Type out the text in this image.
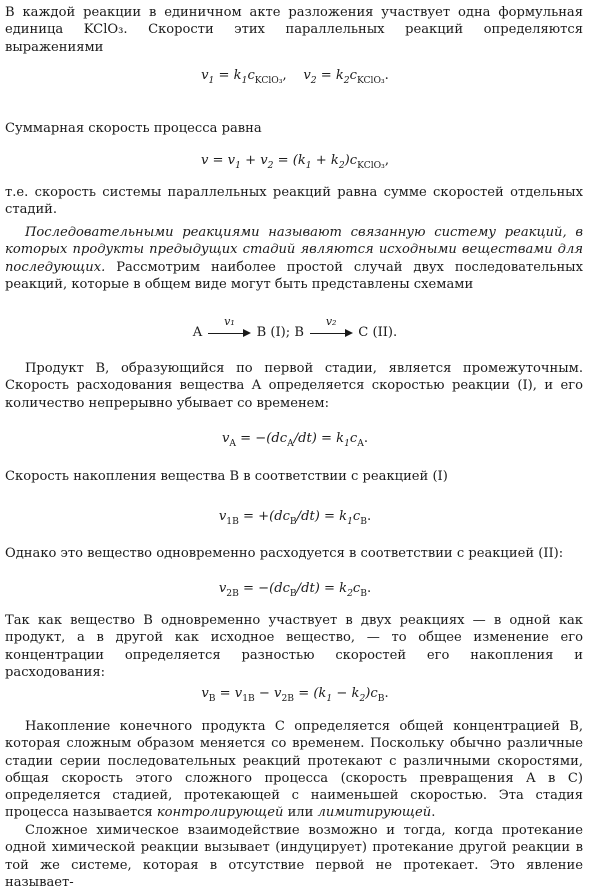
В каждой реакции в единичном акте разложения участвует одна формульная единица KClO₃. Скорости этих параллельных реакций определяются выражениями

$v_1 = k_1c_{KClO_3}$,    $v_2 = k_2c_{KClO_3}$.

Суммарная скорость процесса равна

$v = v_1 + v_2 = (k_1 + k_2)c_{KClO_3}$,

т.е. скорость системы параллельных реакций равна сумме скоростей отдельных стадий.

Последовательными реакциями называют связанную систему реакций, в которых продукты предыдущих стадий являются исходными веществами для последующих. Рассмотрим наиболее простой случай двух последовательных реакций, которые в общем виде могут быть представлены схемами

A
v₁
B (I); B
v₂
C (II).

Продукт B, образующийся по первой стадии, является промежуточным. Скорость расходования вещества A определяется скоростью реакции (I), и его количество непрерывно убывает со временем:

$v_A = -(dc_A/dt) = k_1c_A$.

Скорость накопления вещества B в соответствии с реакцией (I)

$v_{1B} = +(dc_B/dt) = k_1c_B$.

Однако это вещество одновременно расходуется в соответствии с реакцией (II):

$v_{2B} = -(dc_B/dt) = k_2c_B$.

Так как вещество B одновременно участвует в двух реакциях — в одной как продукт, а в другой как исходное вещество, — то общее изменение его концентрации определяется разностью скоростей его накопления и расходования:

$v_B = v_{1B} - v_{2B} = (k_1 - k_2)c_B$.

Накопление конечного продукта C определяется общей концентрацией B, которая сложным образом меняется со временем. Поскольку обычно различные стадии серии последовательных реакций протекают с различными скоростями, общая скорость этого сложного процесса (скорость превращения A в C) определяется стадией, протекающей с наименьшей скоростью. Эта стадия процесса называется контролирующей или лимитирующей.

Сложное химическое взаимодействие возможно и тогда, когда протекание одной химической реакции вызывает (индуцирует) протекание другой реакции в той же системе, которая в отсутствие первой не протекает. Это явление называет-
